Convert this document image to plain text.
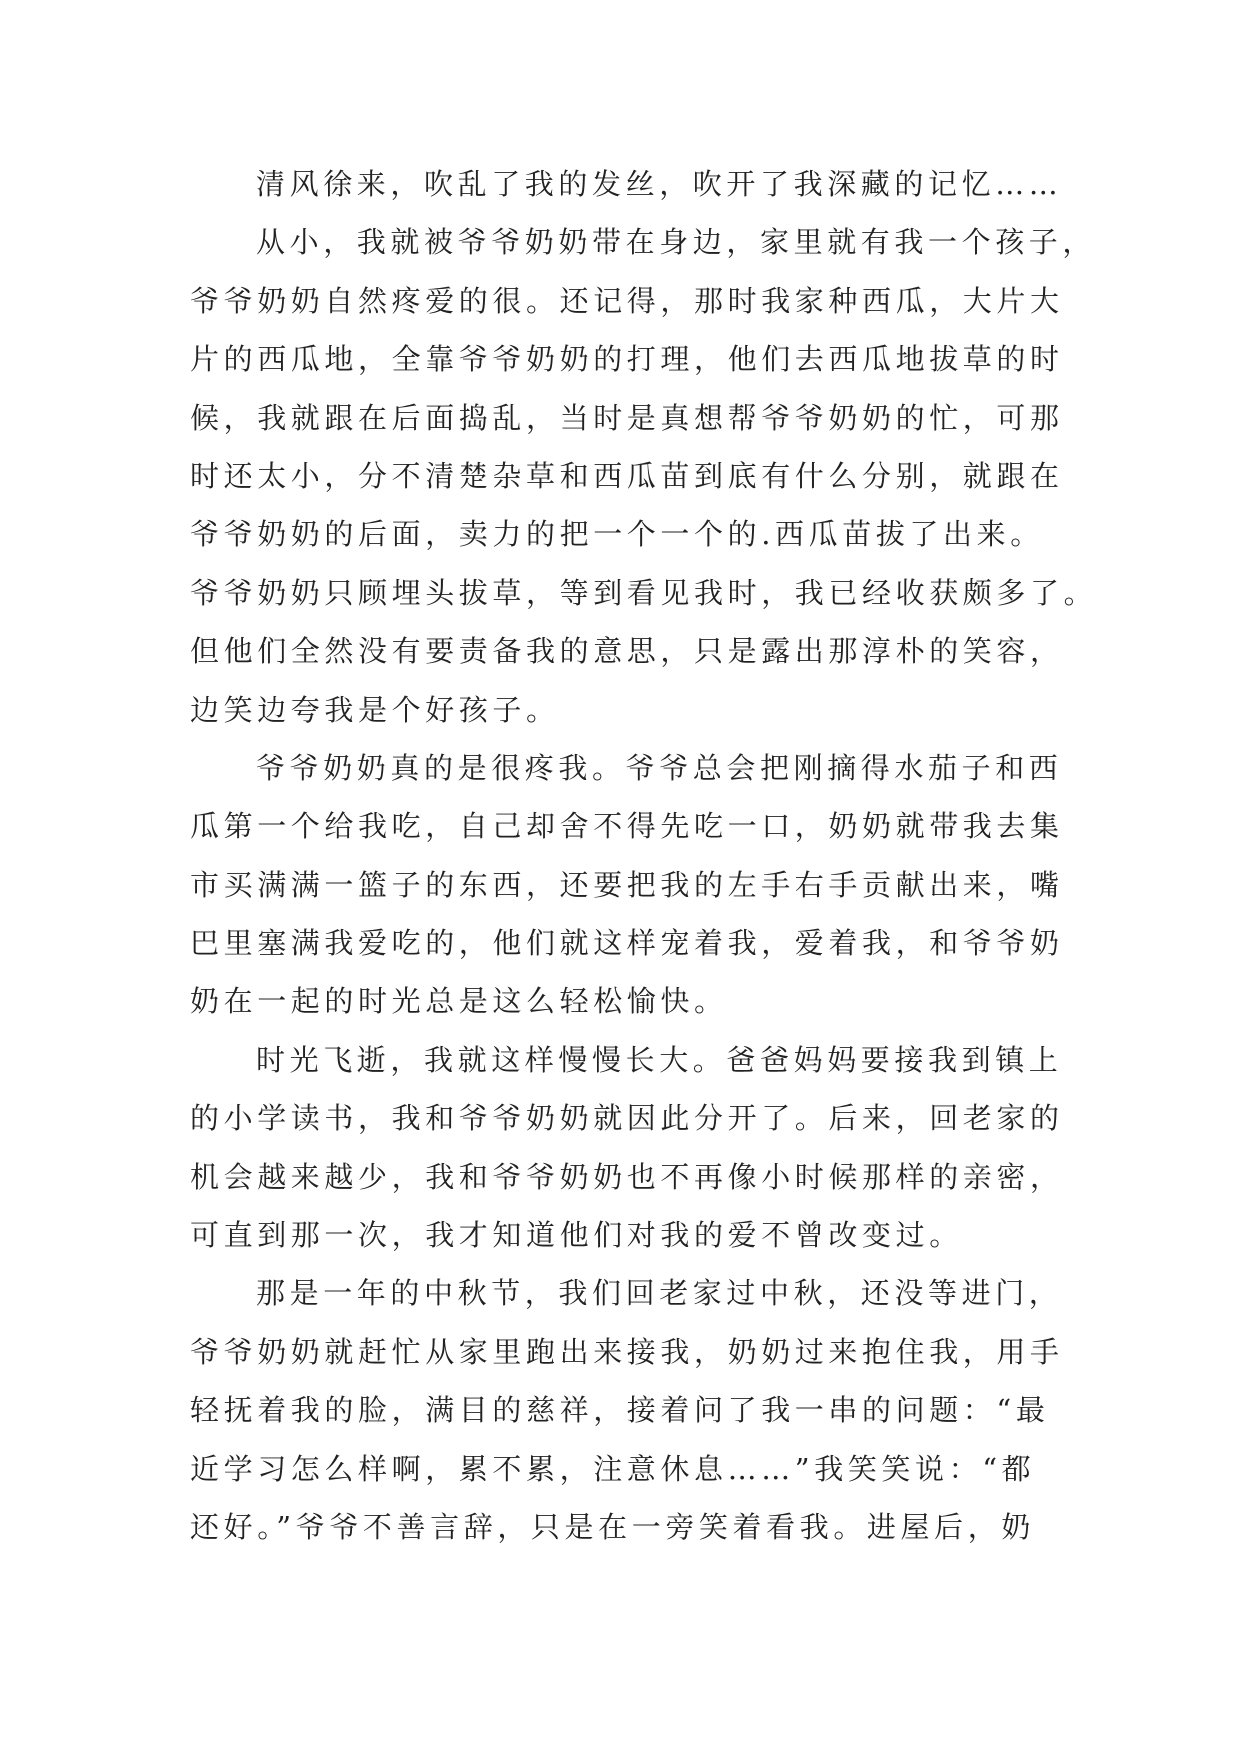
清风徐来，吹乱了我的发丝，吹开了我深藏的记忆……
从小，我就被爷爷奶奶带在身边，家里就有我一个孩子，
爷爷奶奶自然疼爱的很。还记得，那时我家种西瓜，大片大
片的西瓜地，全靠爷爷奶奶的打理，他们去西瓜地拔草的时
候，我就跟在后面捣乱，当时是真想帮爷爷奶奶的忙，可那
时还太小，分不清楚杂草和西瓜苗到底有什么分别，就跟在
爷爷奶奶的后面，卖力的把一个一个的.西瓜苗拔了出来。
爷爷奶奶只顾埋头拔草，等到看见我时，我已经收获颇多了。
但他们全然没有要责备我的意思，只是露出那淳朴的笑容，
边笑边夸我是个好孩子。
爷爷奶奶真的是很疼我。爷爷总会把刚摘得水茄子和西
瓜第一个给我吃，自己却舍不得先吃一口，奶奶就带我去集
市买满满一篮子的东西，还要把我的左手右手贡献出来，嘴
巴里塞满我爱吃的，他们就这样宠着我，爱着我，和爷爷奶
奶在一起的时光总是这么轻松愉快。
时光飞逝，我就这样慢慢长大。爸爸妈妈要接我到镇上
的小学读书，我和爷爷奶奶就因此分开了。后来，回老家的
机会越来越少，我和爷爷奶奶也不再像小时候那样的亲密，
可直到那一次，我才知道他们对我的爱不曾改变过。
那是一年的中秋节，我们回老家过中秋，还没等进门，
爷爷奶奶就赶忙从家里跑出来接我，奶奶过来抱住我，用手
轻抚着我的脸，满目的慈祥，接着问了我一串的问题：“最
近学习怎么样啊，累不累，注意休息……”我笑笑说：“都
还好。”爷爷不善言辞，只是在一旁笑着看我。进屋后，奶
